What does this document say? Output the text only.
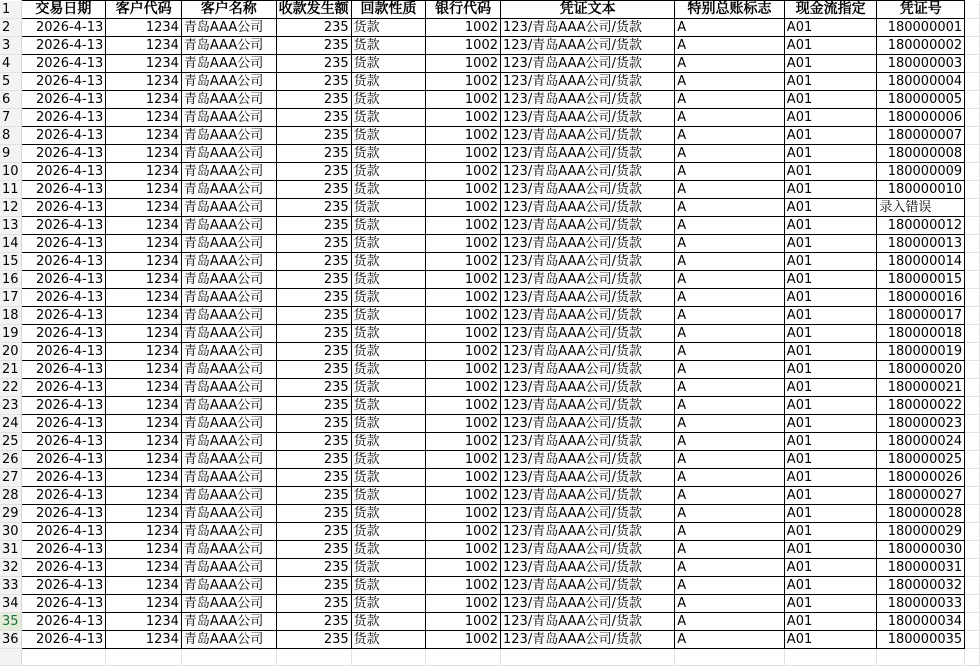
1	交易日期	客户代码	客户名称	收款发生额	回款性质	银行代码	凭证文本	特别总账标志	现金流指定	凭证号	
2	2026-4-13	1234	青岛AAA公司	235	货款	1002	123/青岛AAA公司/货款	A	A01	180000001	
3	2026-4-13	1234	青岛AAA公司	235	货款	1002	123/青岛AAA公司/货款	A	A01	180000002	
4	2026-4-13	1234	青岛AAA公司	235	货款	1002	123/青岛AAA公司/货款	A	A01	180000003	
5	2026-4-13	1234	青岛AAA公司	235	货款	1002	123/青岛AAA公司/货款	A	A01	180000004	
6	2026-4-13	1234	青岛AAA公司	235	货款	1002	123/青岛AAA公司/货款	A	A01	180000005	
7	2026-4-13	1234	青岛AAA公司	235	货款	1002	123/青岛AAA公司/货款	A	A01	180000006	
8	2026-4-13	1234	青岛AAA公司	235	货款	1002	123/青岛AAA公司/货款	A	A01	180000007	
9	2026-4-13	1234	青岛AAA公司	235	货款	1002	123/青岛AAA公司/货款	A	A01	180000008	
10	2026-4-13	1234	青岛AAA公司	235	货款	1002	123/青岛AAA公司/货款	A	A01	180000009	
11	2026-4-13	1234	青岛AAA公司	235	货款	1002	123/青岛AAA公司/货款	A	A01	180000010	
12	2026-4-13	1234	青岛AAA公司	235	货款	1002	123/青岛AAA公司/货款	A	A01	录入错误	
13	2026-4-13	1234	青岛AAA公司	235	货款	1002	123/青岛AAA公司/货款	A	A01	180000012	
14	2026-4-13	1234	青岛AAA公司	235	货款	1002	123/青岛AAA公司/货款	A	A01	180000013	
15	2026-4-13	1234	青岛AAA公司	235	货款	1002	123/青岛AAA公司/货款	A	A01	180000014	
16	2026-4-13	1234	青岛AAA公司	235	货款	1002	123/青岛AAA公司/货款	A	A01	180000015	
17	2026-4-13	1234	青岛AAA公司	235	货款	1002	123/青岛AAA公司/货款	A	A01	180000016	
18	2026-4-13	1234	青岛AAA公司	235	货款	1002	123/青岛AAA公司/货款	A	A01	180000017	
19	2026-4-13	1234	青岛AAA公司	235	货款	1002	123/青岛AAA公司/货款	A	A01	180000018	
20	2026-4-13	1234	青岛AAA公司	235	货款	1002	123/青岛AAA公司/货款	A	A01	180000019	
21	2026-4-13	1234	青岛AAA公司	235	货款	1002	123/青岛AAA公司/货款	A	A01	180000020	
22	2026-4-13	1234	青岛AAA公司	235	货款	1002	123/青岛AAA公司/货款	A	A01	180000021	
23	2026-4-13	1234	青岛AAA公司	235	货款	1002	123/青岛AAA公司/货款	A	A01	180000022	
24	2026-4-13	1234	青岛AAA公司	235	货款	1002	123/青岛AAA公司/货款	A	A01	180000023	
25	2026-4-13	1234	青岛AAA公司	235	货款	1002	123/青岛AAA公司/货款	A	A01	180000024	
26	2026-4-13	1234	青岛AAA公司	235	货款	1002	123/青岛AAA公司/货款	A	A01	180000025	
27	2026-4-13	1234	青岛AAA公司	235	货款	1002	123/青岛AAA公司/货款	A	A01	180000026	
28	2026-4-13	1234	青岛AAA公司	235	货款	1002	123/青岛AAA公司/货款	A	A01	180000027	
29	2026-4-13	1234	青岛AAA公司	235	货款	1002	123/青岛AAA公司/货款	A	A01	180000028	
30	2026-4-13	1234	青岛AAA公司	235	货款	1002	123/青岛AAA公司/货款	A	A01	180000029	
31	2026-4-13	1234	青岛AAA公司	235	货款	1002	123/青岛AAA公司/货款	A	A01	180000030	
32	2026-4-13	1234	青岛AAA公司	235	货款	1002	123/青岛AAA公司/货款	A	A01	180000031	
33	2026-4-13	1234	青岛AAA公司	235	货款	1002	123/青岛AAA公司/货款	A	A01	180000032	
34	2026-4-13	1234	青岛AAA公司	235	货款	1002	123/青岛AAA公司/货款	A	A01	180000033	
35	2026-4-13	1234	青岛AAA公司	235	货款	1002	123/青岛AAA公司/货款	A	A01	180000034	
36	2026-4-13	1234	青岛AAA公司	235	货款	1002	123/青岛AAA公司/货款	A	A01	180000035	
